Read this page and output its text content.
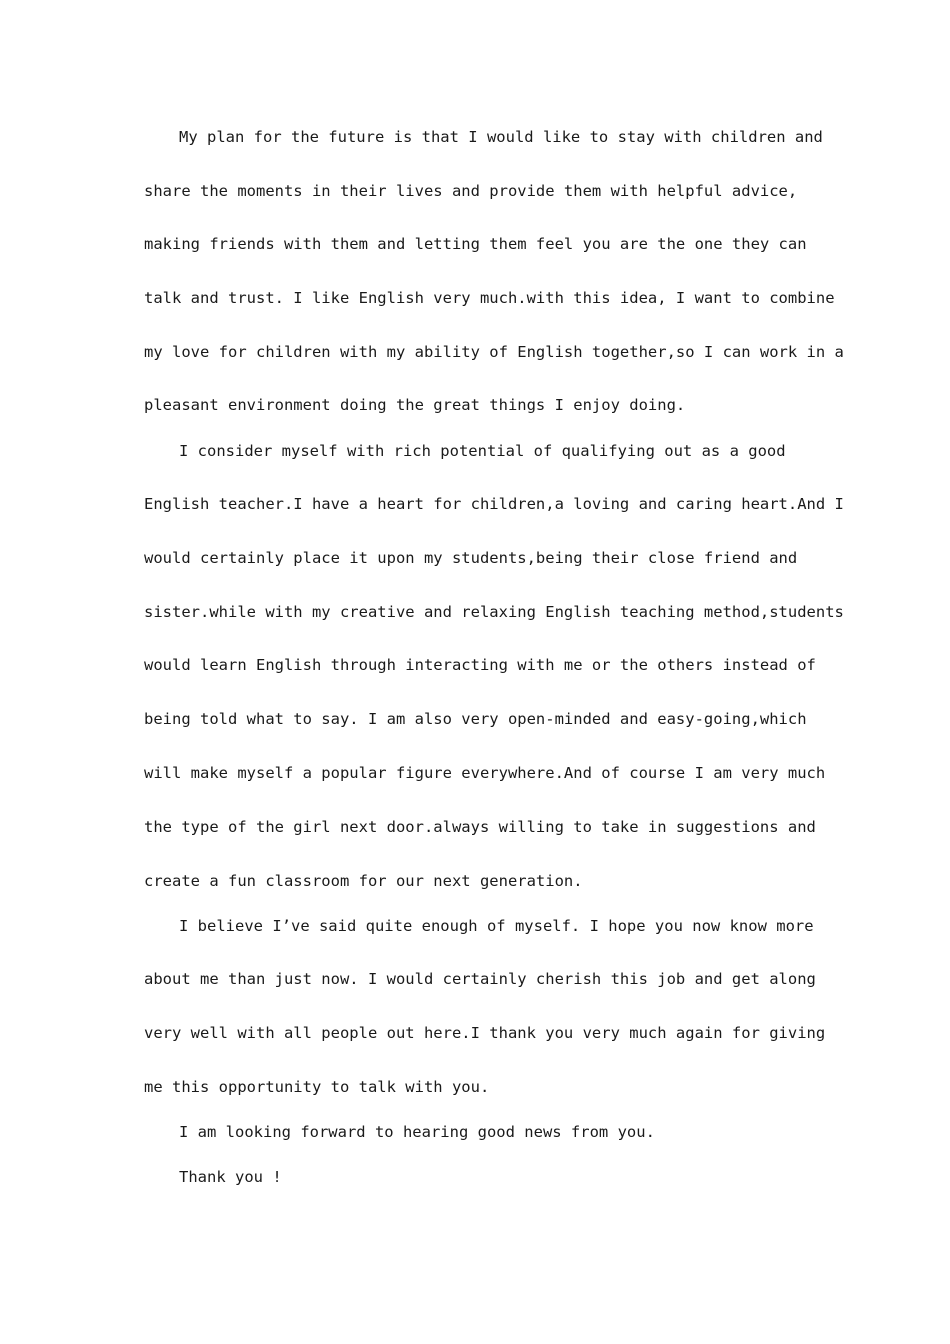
My plan for the future is that I would like to stay with children and

share the moments in their lives and provide them with helpful advice,

making friends with them and letting them feel you are the one they can

talk and trust. I like English very much.with this idea, I want to combine

my love for children with my ability of English together,so I can work in a

pleasant environment doing the great things I enjoy doing.

I consider myself with rich potential of qualifying out as a good

English teacher.I have a heart for children,a loving and caring heart.And I

would certainly place it upon my students,being their close friend and

sister.while with my creative and relaxing English teaching method,students

would learn English through interacting with me or the others instead of

being told what to say. I am also very open-minded and easy-going,which

will make myself a popular figure everywhere.And of course I am very much

the type of the girl next door.always willing to take in suggestions and

create a fun classroom for our next generation.

I believe I’ve said quite enough of myself. I hope you now know more

about me than just now. I would certainly cherish this job and get along

very well with all people out here.I thank you very much again for giving

me this opportunity to talk with you.

I am looking forward to hearing good news from you.

Thank you !
